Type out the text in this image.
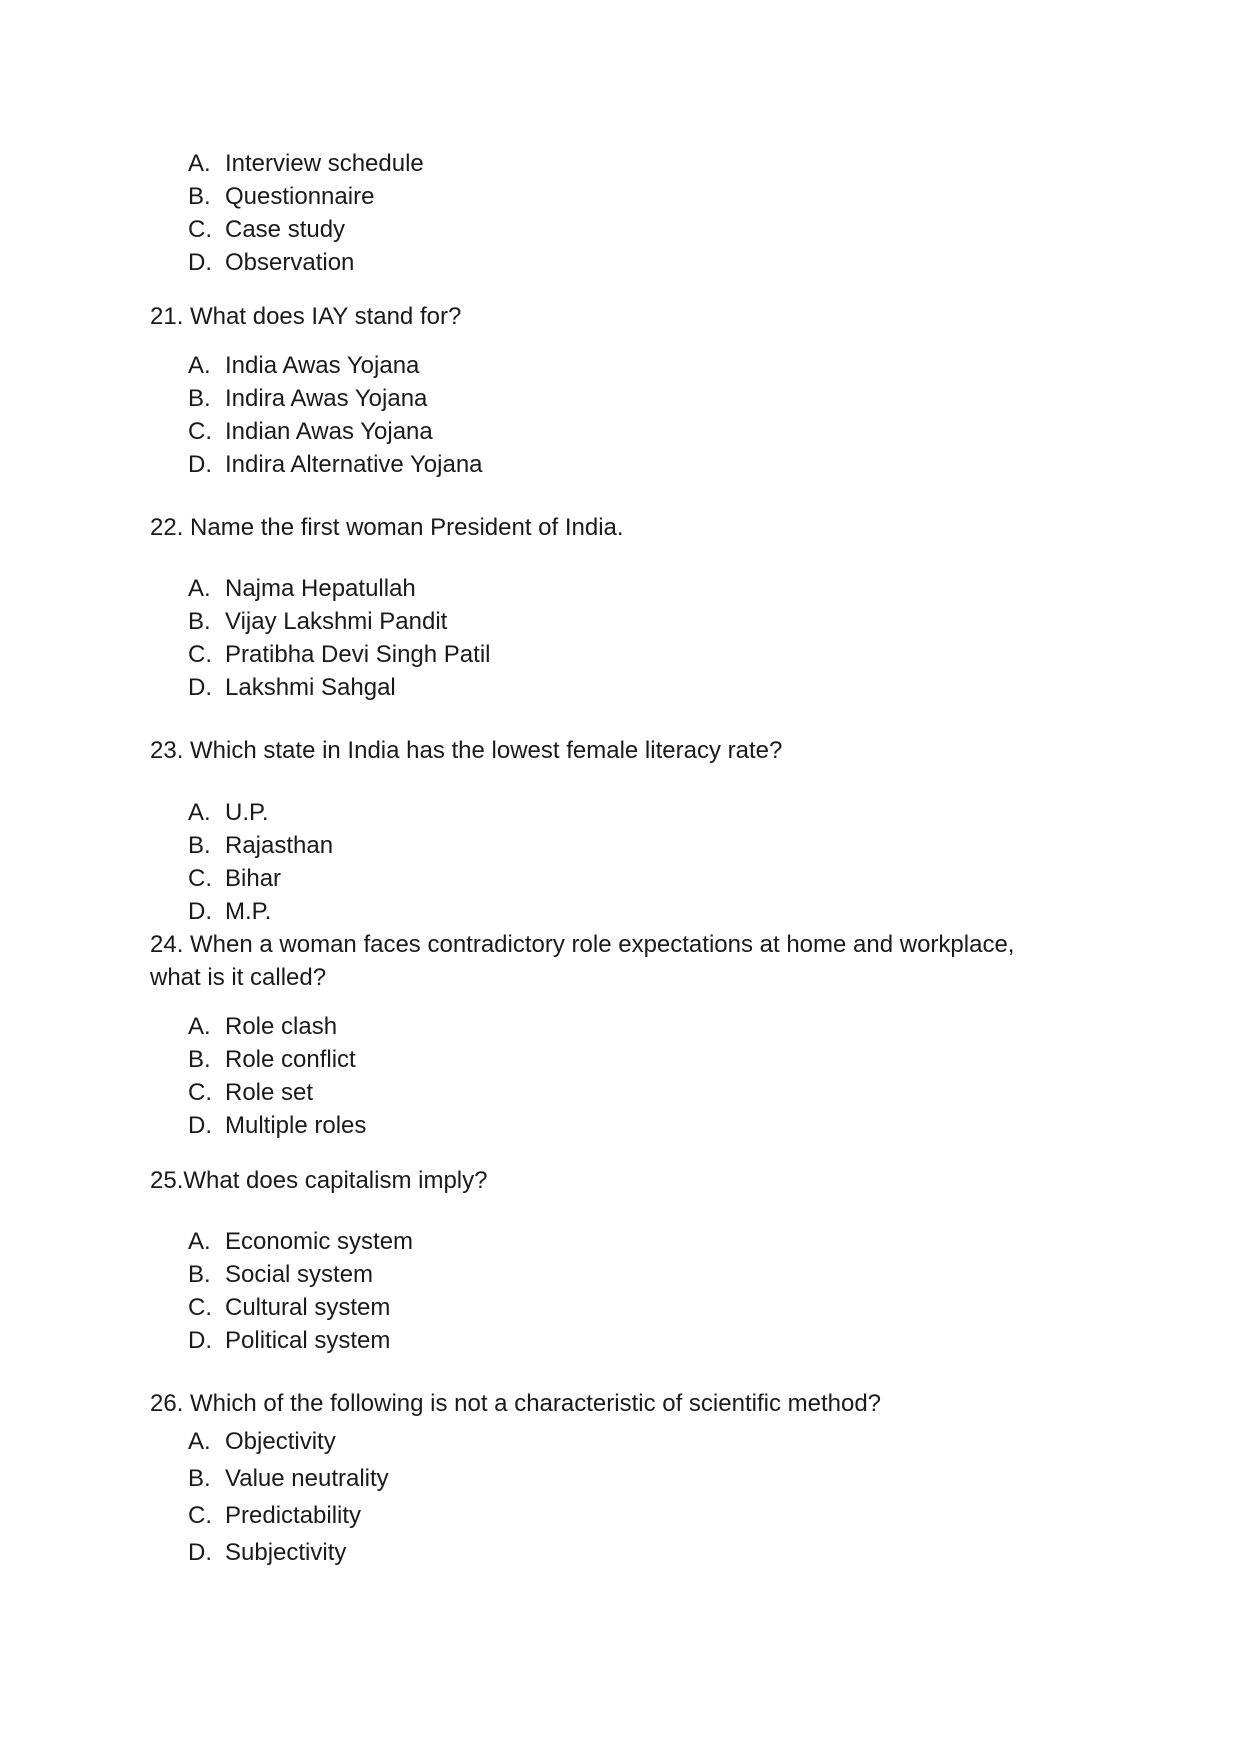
A. Interview schedule

B. Questionnaire

C. Case study

D. Observation

21. What does IAY stand for?

A. India Awas Yojana

B. Indira Awas Yojana

C. Indian Awas Yojana

D. Indira Alternative Yojana

22. Name the first woman President of India.

A. Najma Hepatullah

B. Vijay Lakshmi Pandit

C. Pratibha Devi Singh Patil

D. Lakshmi Sahgal

23. Which state in India has the lowest female literacy rate?

A. U.P.

B. Rajasthan

C. Bihar

D. M.P.

24. When a woman faces contradictory role expectations at home and workplace,

what is it called?

A. Role clash

B. Role conflict

C. Role set

D. Multiple roles

25.What does capitalism imply?

A. Economic system

B. Social system

C. Cultural system

D. Political system

26. Which of the following is not a characteristic of scientific method?

A. Objectivity

B. Value neutrality

C. Predictability

D. Subjectivity
